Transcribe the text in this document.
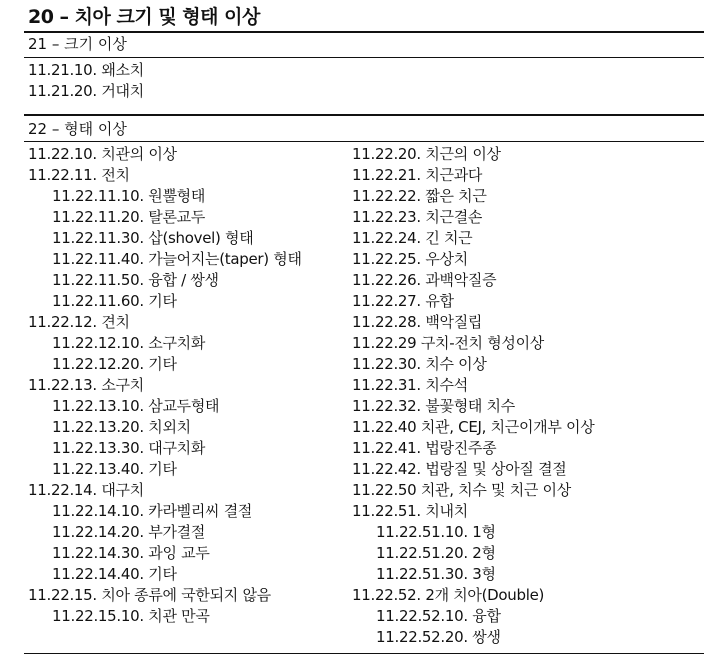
20 – 치아 크기 및 형태 이상
21 – 크기 이상
11.21.10. 왜소치
11.21.20. 거대치
22 – 형태 이상
11.22.10. 치관의 이상
11.22.11. 전치
11.22.11.10. 원뿔형태
11.22.11.20. 탈론교두
11.22.11.30. 삽(shovel) 형태
11.22.11.40. 가늘어지는(taper) 형태
11.22.11.50. 융합 / 쌍생
11.22.11.60. 기타
11.22.12. 견치
11.22.12.10. 소구치화
11.22.12.20. 기타
11.22.13. 소구치
11.22.13.10. 삼교두형태
11.22.13.20. 치외치
11.22.13.30. 대구치화
11.22.13.40. 기타
11.22.14. 대구치
11.22.14.10. 카라벨리씨 결절
11.22.14.20. 부가결절
11.22.14.30. 과잉 교두
11.22.14.40. 기타
11.22.15. 치아 종류에 국한되지 않음
11.22.15.10. 치관 만곡
11.22.20. 치근의 이상
11.22.21. 치근과다
11.22.22. 짧은 치근
11.22.23. 치근결손
11.22.24. 긴 치근
11.22.25. 우상치
11.22.26. 과백악질증
11.22.27. 유합
11.22.28. 백악질립
11.22.29 구치-전치 형성이상
11.22.30. 치수 이상
11.22.31. 치수석
11.22.32. 불꽃형태 치수
11.22.40 치관, CEJ, 치근이개부 이상
11.22.41. 법랑진주종
11.22.42. 법랑질 및 상아질 결절
11.22.50 치관, 치수 및 치근 이상
11.22.51. 치내치
11.22.51.10. 1형
11.22.51.20. 2형
11.22.51.30. 3형
11.22.52. 2개 치아(Double)
11.22.52.10. 융합
11.22.52.20. 쌍생
